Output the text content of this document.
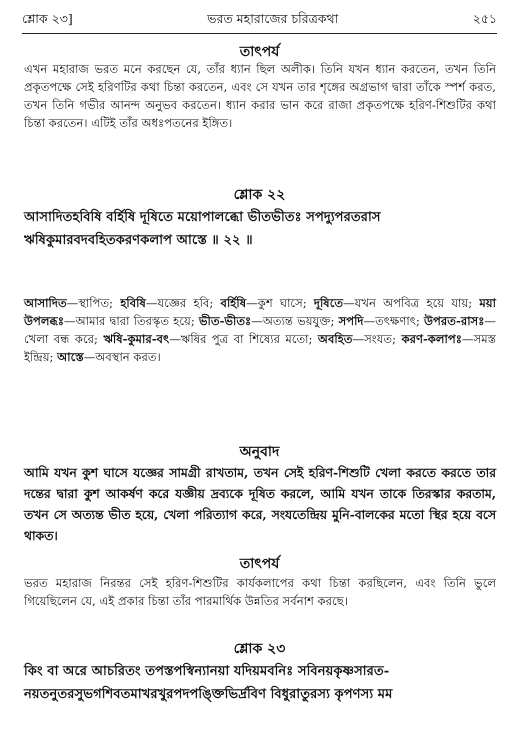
শ্লোক ২৩]	ভরত মহারাজের চরিত্রকথা	২৫১
তাৎপর্য
এখন মহারাজ ভরত মনে করছেন যে, তাঁর ধ্যান ছিল অলীক। তিনি যখন ধ্যান করতেন, তখন তিনি প্রকৃতপক্ষে সেই হরিণটির কথা চিন্তা করতেন, এবং সে যখন তার শৃঙ্গের অগ্রভাগ দ্বারা তাঁকে স্পর্শ করত, তখন তিনি গভীর আনন্দ অনুভব করতেন। ধ্যান করার ভান করে রাজা প্রকৃতপক্ষে হরিণ-শিশুটির কথা চিন্তা করতেন। এটিই তাঁর অধঃপতনের ইঙ্গিত।
শ্লোক ২২
আসাদিতহবিষি বর্হিষি দূষিতে ময়োপালব্ধো ভীতভীতঃ সপদ্যুপরতরাস
ঋষিকুমারবদবহিতকরণকলাপ আস্তে ॥ ২২ ॥
আসাদিত—স্থাপিত; হবিষি—যজ্ঞের হবি; বর্হিষি—কুশ ঘাসে; দূষিতে—যখন অপবিত্র হয়ে যায়; ময়া উপলব্ধঃ—আমার দ্বারা তিরস্কৃত হয়ে; ভীত-ভীতঃ—অত্যন্ত ভয়যুক্ত; সপদি—তৎক্ষণাৎ; উপরত-রাসঃ—খেলা বন্ধ করে; ঋষি-কুমার-বৎ—ঋষির পুত্র বা শিষ্যের মতো; অবহিত—সংযত; করণ-কলাপঃ—সমস্ত ইন্দ্রিয়; আস্তে—অবস্থান করত।
অনুবাদ
আমি যখন কুশ ঘাসে যজ্ঞের সামগ্রী রাখতাম, তখন সেই হরিণ-শিশুটি খেলা করতে করতে তার দন্তের দ্বারা কুশ আকর্ষণ করে যজ্ঞীয় দ্রব্যকে দূষিত করলে, আমি যখন তাকে তিরস্কার করতাম, তখন সে অত্যন্ত ভীত হয়ে, খেলা পরিত্যাগ করে, সংযতেন্দ্রিয় মুনি-বালকের মতো স্থির হয়ে বসে থাকত।
তাৎপর্য
ভরত মহারাজ নিরন্তর সেই হরিণ-শিশুটির কার্যকলাপের কথা চিন্তা করছিলেন, এবং তিনি ভুলে গিয়েছিলেন যে, এই প্রকার চিন্তা তাঁর পারমার্থিক উন্নতির সর্বনাশ করছে।
শ্লোক ২৩
কিং বা অরে আচরিতং তপস্তপস্বিন্যানয়া যদিয়মবনিঃ সবিনয়কৃষ্ণসারত-
নয়তনুতরসুভগশিবতমাখরখুরপদপঙ্ক্তিভির্দ্রবিণ বিধুরাতুরস্য কৃপণস্য মম
